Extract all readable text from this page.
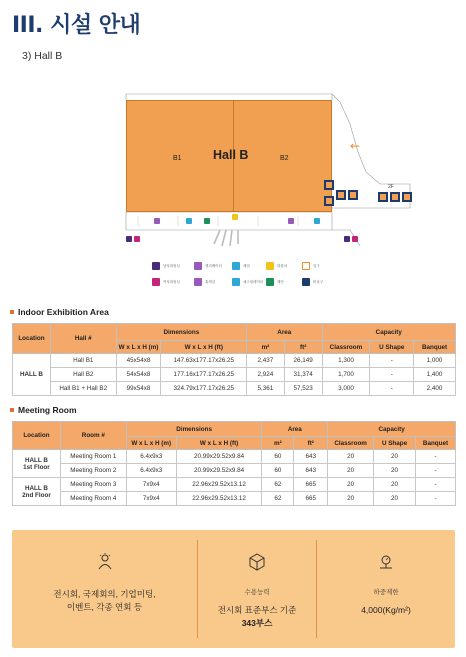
III. 시설 안내
3) Hall B
Hall B
B1	B2
2F
←
남자화장실	엘리베이터	매점	화물차	입구
여자화장실	휴게실	에스컬레이터	계단	비상구
Indoor Exhibition Area
Location	Hall #	Dimensions		Area		Capacity		
		W x L x H (m)	W x L x H (ft)	m²	ft²	Classroom	U Shape	Banquet
HALL B	Hall B1	45x54x8	147.63x177.17x26.25	2,437	26,149	1,300	-	1,000
	Hall B2	54x54x8	177.16x177.17x26.25	2,924	31,374	1,700	-	1,400
	Hall B1 + Hall B2	99x54x8	324.79x177.17x26.25	5,361	57,523	3,000	-	2,400
Meeting Room
Location	Room #	Dimensions		Area		Capacity		
		W x L x H (m)	W x L x H (ft)	m²	ft²	Classroom	U Shape	Banquet

HALL B
1st Floor	Meeting Room 1	6.4x9x3	20.99x29.52x9.84	60	643	20	20	-
	Meeting Room 2	6.4x9x3	20.99x29.52x9.84	60	643	20	20	-

HALL B
2nd Floor	Meeting Room 3	7x9x4	22.96x29.52x13.12	62	665	20	20	-
	Meeting Room 4	7x9x4	22.96x29.52x13.12	62	665	20	20	-
전시회, 국제회의, 기업미팅,
이벤트, 각종 연회 등
수용능력
전시회 표준부스 기준
343부스
하중제한
4,000(Kg/m²)
